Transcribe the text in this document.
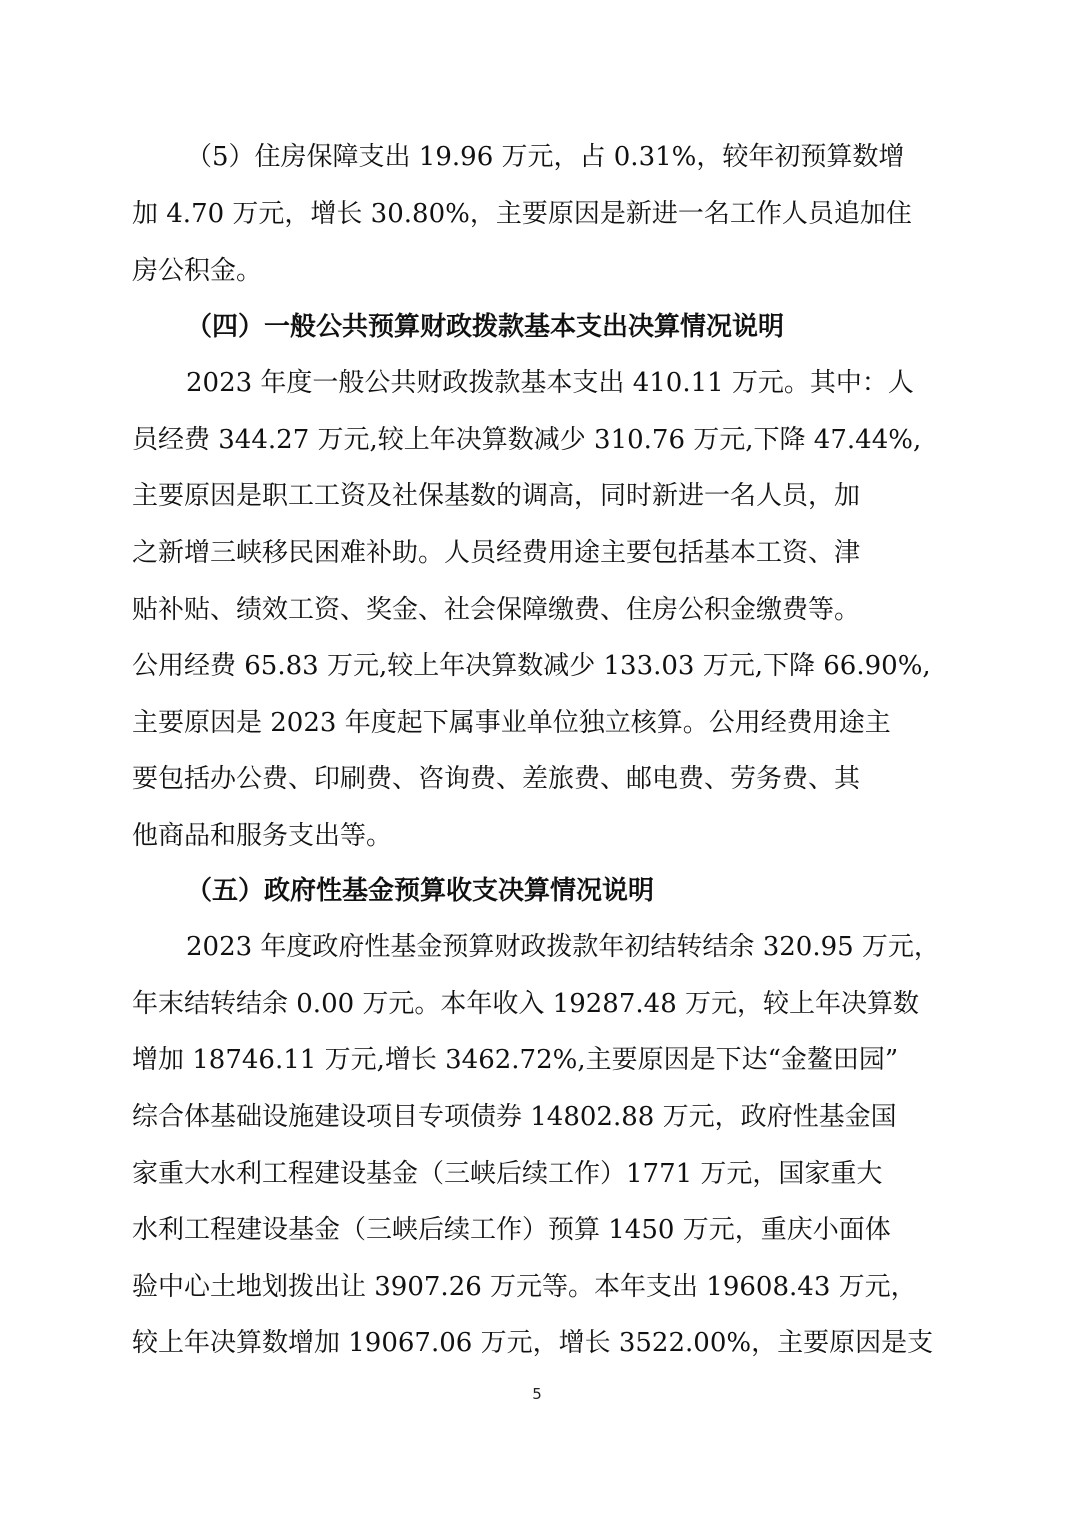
（5）住房保障支出 19.96 万元，占 0.31%，较年初预算数增
加 4.70 万元，增长 30.80%，主要原因是新进一名工作人员追加住
房公积金。
（四）一般公共预算财政拨款基本支出决算情况说明
2023 年度一般公共财政拨款基本支出 410.11 万元。其中：人
员经费 344.27 万元,较上年决算数减少 310.76 万元,下降 47.44%,
主要原因是职工工资及社保基数的调高，同时新进一名人员，加
之新增三峡移民困难补助。人员经费用途主要包括基本工资、津
贴补贴、绩效工资、奖金、社会保障缴费、住房公积金缴费等。
公用经费 65.83 万元,较上年决算数减少 133.03 万元,下降 66.90%,
主要原因是 2023 年度起下属事业单位独立核算。公用经费用途主
要包括办公费、印刷费、咨询费、差旅费、邮电费、劳务费、其
他商品和服务支出等。
（五）政府性基金预算收支决算情况说明
2023 年度政府性基金预算财政拨款年初结转结余 320.95 万元，
年末结转结余 0.00 万元。本年收入 19287.48 万元，较上年决算数
增加 18746.11 万元,增长 3462.72%,主要原因是下达“金鳌田园”
综合体基础设施建设项目专项债券 14802.88 万元，政府性基金国
家重大水利工程建设基金（三峡后续工作）1771 万元，国家重大
水利工程建设基金（三峡后续工作）预算 1450 万元，重庆小面体
验中心土地划拨出让 3907.26 万元等。本年支出 19608.43 万元，
较上年决算数增加 19067.06 万元，增长 3522.00%，主要原因是支
5
